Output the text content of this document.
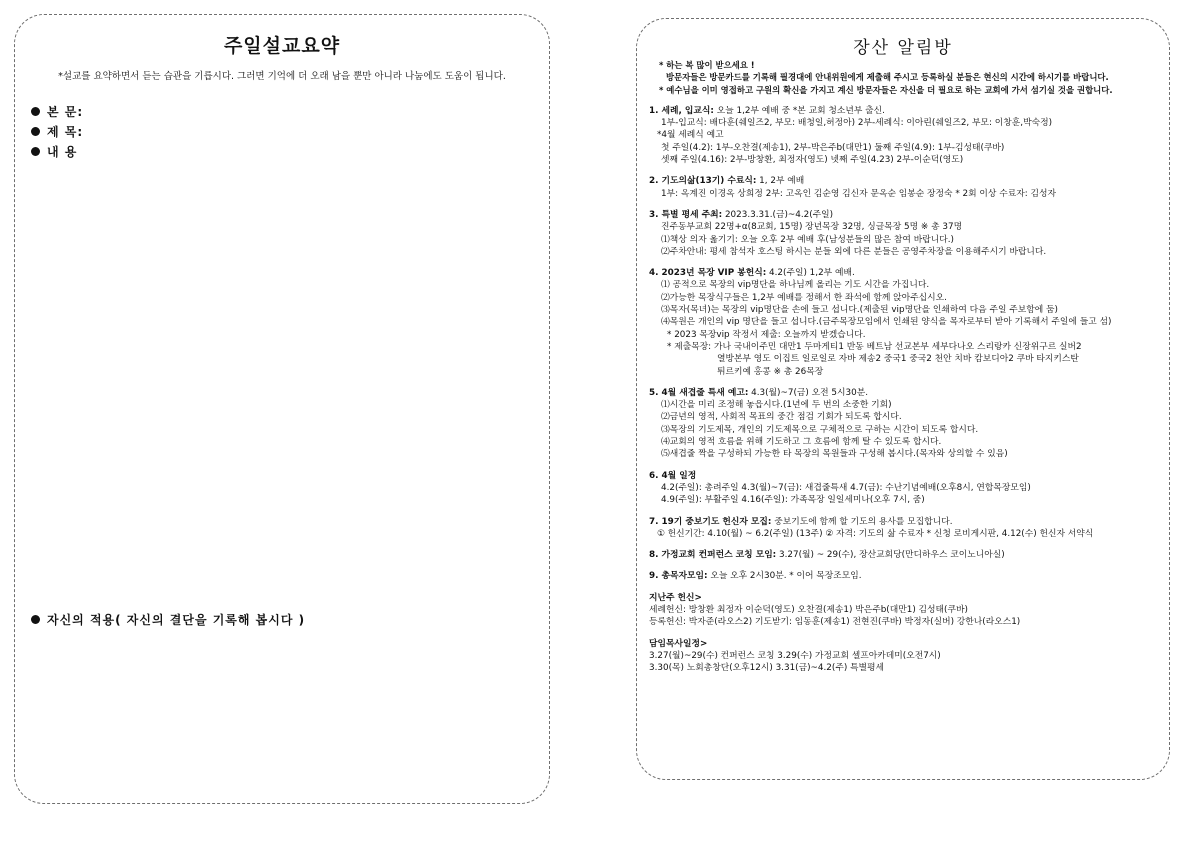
주일설교요약
*설교를 요약하면서 듣는 습관을 기릅시다. 그러면 기억에 더 오래 남을 뿐만 아니라 나눔에도 도움이 됩니다.
본 문:
제 목:
내 용
자신의 적용( 자신의 결단을 기록해 봅시다 )
장산 알림방
* 하는 복 많이 받으세요 !
방문자들은 방문카드를 기록해 필경대에 안내위원에게 제출해 주시고 등록하실 분들은 현신의 시간에 하시기를 바랍니다.
* 예수님을 이미 영접하고 구원의 확신을 가지고 계신 방문자들은 자신을 더 필요로 하는 교회에 가서 섬기실 것을 권합니다.
1. 세례, 입교식: 오늘 1,2부 예배 중 *본 교회 청소년부 출신.
1부-입교식: 배다훈(쉐일즈2, 부모: 배청일,허정아) 2부-세례식: 이아린(쉐일즈2, 부모: 이창훈,박숙정)
*4월 세례식 예고
첫 주일(4.2): 1부-오찬결(제송1), 2부-박은주b(대만1) 둘째 주일(4.9): 1부-김성태(쿠바)
셋째 주일(4.16): 2부-방창환, 최정자(영도) 넷째 주일(4.23) 2부-이순덕(영도)
2. 기도의삶(13기) 수료식: 1, 2부 예배
1부: 옥계진 이경옥 상희정 2부: 고옥인 김순영 김신자 문옥순 임봉순 장정숙 * 2회 이상 수료자: 김성자
3. 특별 평세 주최: 2023.3.31.(금)~4.2(주일)
진주동부교회 22명+α(8교회, 15명) 장년목장 32명, 싱글목장 5명 ※ 총 37명
⑴책상 의자 옮기기: 오늘 오후 2부 예배 후(남성분들의 많은 참여 바랍니다.)
⑵주차안내: 평세 참석자 호스팅 하시는 분들 외에 다른 분들은 공영주차장을 이용해주시기 바랍니다.
4. 2023년 목장 VIP 봉헌식: 4.2(주일) 1,2부 예배.
⑴ 공적으로 목장의 vip명단을 하나님께 올리는 기도 시간을 가집니다.
⑵가능한 목장식구들은 1,2부 예배를 정해서 한 좌석에 함께 앉아주십시오.
⑶목자(목녀)는 목장의 vip명단을 손에 들고 섭니다.(제출된 vip명단을 인쇄하여 다음 주일 주보함에 둠)
⑷목원은 개인의 vip 명단을 들고 섭니다.(금주목장모임에서 인쇄된 양식을 목자로부터 받아 기록해서 주일에 들고 섬)
* 2023 목장vip 작정서 제출: 오늘까지 받겠습니다.
* 제출목장: 가나 국내이주민 대만1 두마게티1 반동 베트남 선교본부 세부다나오 스리랑카 신장위구르 실버2
열방본부 영도 이집트 일로일로 자바 제송2 중국1 중국2 천안 치바 캄보디아2 쿠바 타지키스탄
튀르키예 홍콩 ※ 총 26목장
5. 4월 새겹줄 특새 예고: 4.3(월)~7(금) 오전 5시30분.
⑴시간을 미리 조정해 놓읍시다.(1년에 두 번의 소중한 기회)
⑵금년의 영적, 사회적 목표의 중간 점검 기회가 되도록 합시다.
⑶목장의 기도제목, 개인의 기도제목으로 구체적으로 구하는 시간이 되도록 합시다.
⑷교회의 영적 흐름을 위해 기도하고 그 흐름에 함께 탈 수 있도록 합시다.
⑸새겹줄 짝을 구성하되 가능한 타 목장의 목원들과 구성해 봅시다.(목자와 상의할 수 있음)
6. 4월 일정
4.2(주일): 총려주일 4.3(월)~7(금): 새겹줄특새 4.7(금): 수난기념예배(오후8시, 연합목장모임)
4.9(주일): 부활주일 4.16(주일): 가족목장 일일세미나(오후 7시, 줌)
7. 19기 중보기도 헌신자 모집: 중보기도에 함께 할 기도의 용사를 모집합니다.
① 헌신기간: 4.10(월) ~ 6.2(주일) (13주) ② 자격: 기도의 삶 수료자 * 신청 로비게시판, 4.12(수) 헌신자 서약식
8. 가정교회 컨퍼런스 코칭 모임: 3.27(월) ~ 29(수), 장산교회당(만디하우스 코이노니아실)
9. 총목자모임: 오늘 오후 2시30분. * 이어 목장조모임.
지난주 헌신>
세례헌신: 방창환 최정자 이순덕(영도) 오찬결(제송1) 박은주b(대만1) 김성태(쿠바)
등록헌신: 박자준(라오스2) 기도받기: 임동훈(제송1) 전현진(쿠바) 박정자(실버) 강한나(라오스1)
담임목사일정>
3.27(월)~29(수) 컨퍼런스 코칭 3.29(수) 가정교회 셀프아카데미(오전7시)
3.30(목) 노회총창단(오후12시) 3.31(금)~4.2(주) 특별평세
